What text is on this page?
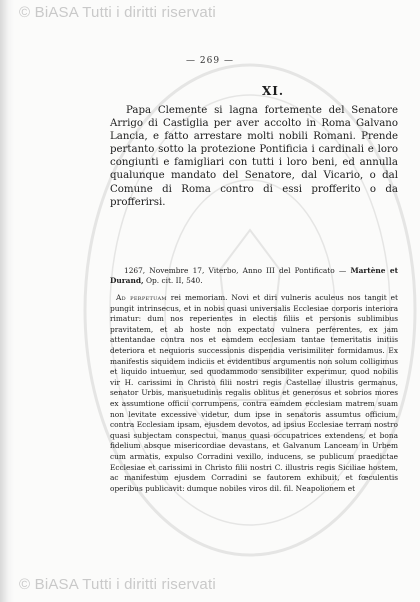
© BiASA Tutti i diritti riservati
— 269 —
XI.

Papa Clemente si lagna fortemente del Senatore Arrigo di Castiglia per aver accolto in Roma Galvano Lancia, e fatto arrestare molti nobili Romani. Prende pertanto sotto la protezione Pontificia i cardinali e loro congiunti e famigliari con tutti i loro beni, ed annulla qualunque mandato del Senatore, dal Vicario, o dal Comune di Roma contro di essi profferito o da profferirsi.

1267, Novembre 17, Viterbo, Anno III del Pontificato — Martène et Durand, Op. cit. II, 540.

Ad perpetuam rei memoriam. Novi et diri vulneris aculeus nos tangit et pungit intrinsecus, et in nobis quasi universalis Ecclesiae corporis interiora rimatur: dum nos reperientes in electis filiis et personis sublimibus pravitatem, et ab hoste non expectato vulnera perferentes, ex jam attentandae contra nos et eamdem ecclesiam tantae temeritatis initiis deteriora et nequioris successionis dispendia verisimiliter formidamus. Ex manifestis siquidem indiciis et evidentibus argumentis non solum colligimus et liquido intuemur, sed quodammodo sensibiliter experimur, quod nobilis vir H. carissimi in Christo filii nostri regis Castellae illustris germanus, senator Urbis, mansuetudinis regalis oblitus et generosus et sobrios mores ex assumtione officii corrumpens, contra eamdem ecclesiam matrem suam non levitate excessive videtur, dum ipse in senatoris assumtus officium, contra Ecclesiam ipsam, ejusdem devotos, ad ipsius Ecclesiae terram nostro quasi subjectam conspectui, manus quasi occupatrices extendens, et bona fidelium absque misericordiae devastans, et Galvanum Lanceam in Urbem cum armatis, expulso Corradini vexillo, inducens, se publicum praedictae Ecclesiae et carissimi in Christo filii nostri C. illustris regis Siciliae hostem, ac manifestum ejusdem Corradini se fautorem exhibuit, et fœculentis operibus publicavit: dumque nobiles viros dil. fil. Neapolionem et

© BiASA Tutti i diritti riservati
